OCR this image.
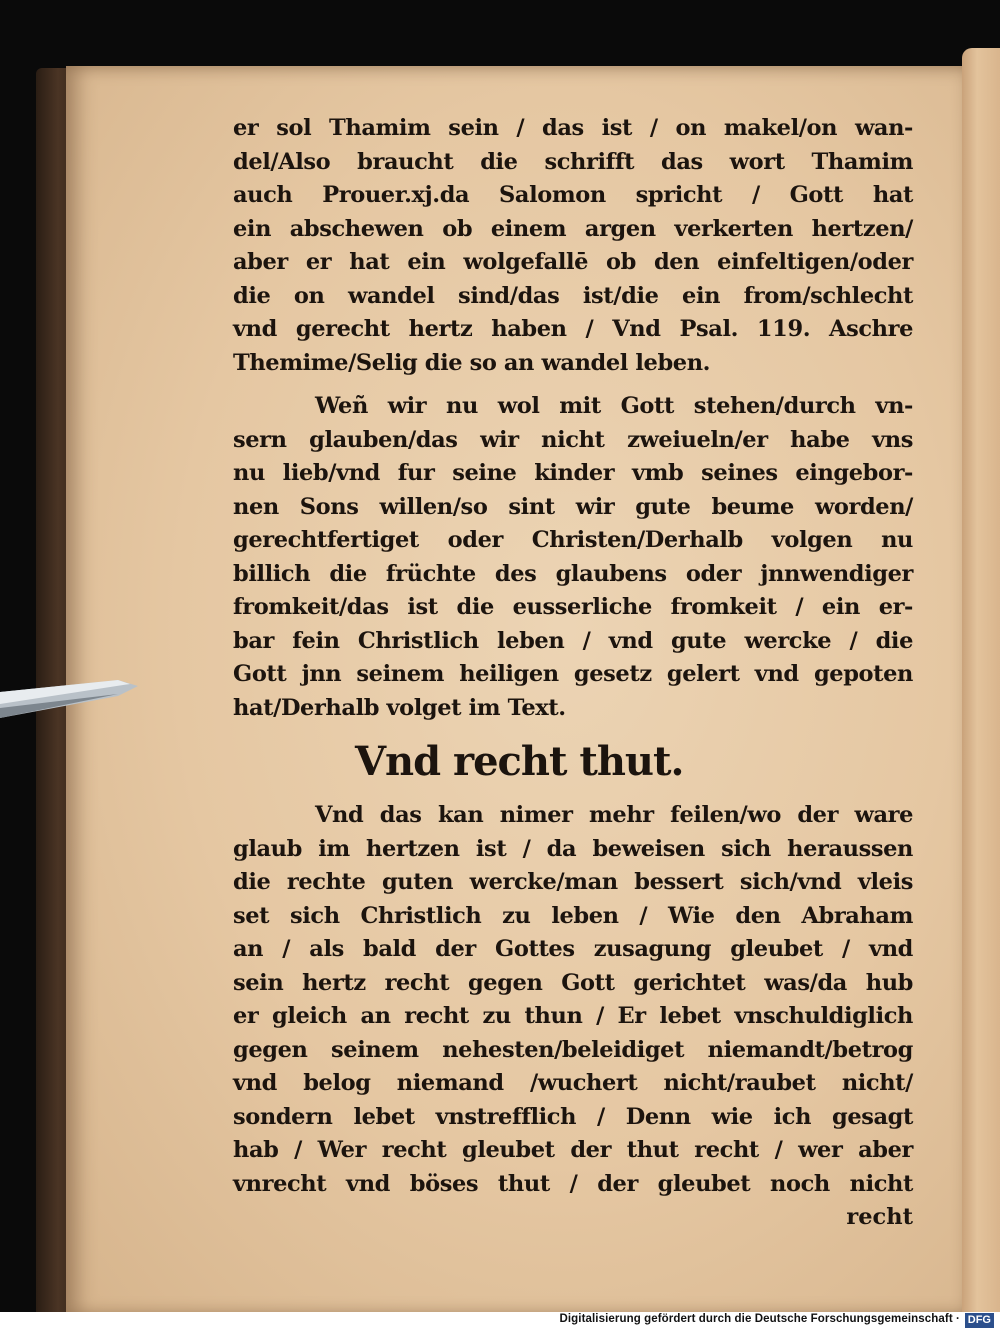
er sol Thamim sein / das ist / on makel/on wan-
del/Also braucht die schrifft das wort Thamim
auch Prouer.xj.da Salomon spricht / Gott hat
ein abschewen ob einem argen verkerten hertzen/
aber er hat ein wolgefallē ob den einfeltigen/oder
die on wandel sind/das ist/die ein from/schlecht
vnd gerecht hertz haben / Vnd Psal. 119. Aschre
Themime/Selig die so an wandel leben.
Weñ wir nu wol mit Gott stehen/durch vn-
sern glauben/das wir nicht zweiueln/er habe vns
nu lieb/vnd fur seine kinder vmb seines eingebor-
nen Sons willen/so sint wir gute beume worden/
gerechtfertiget oder Christen/Derhalb volgen nu
billich die früchte des glaubens oder jnnwendiger
fromkeit/das ist die eusserliche fromkeit / ein er-
bar fein Christlich leben / vnd gute wercke / die
Gott jnn seinem heiligen gesetz gelert vnd gepoten
hat/Derhalb volget im Text.
Vnd recht thut.
Vnd das kan nimer mehr feilen/wo der ware
glaub im hertzen ist / da beweisen sich heraussen
die rechte guten wercke/man bessert sich/vnd vleis
set sich Christlich zu leben / Wie den Abraham
an / als bald der Gottes zusagung gleubet / vnd
sein hertz recht gegen Gott gerichtet was/da hub
er gleich an recht zu thun / Er lebet vnschuldiglich
gegen seinem nehesten/beleidiget niemandt/betrog
vnd belog niemand /wuchert nicht/raubet nicht/
sondern lebet vnstrefflich / Denn wie ich gesagt
hab / Wer recht gleubet der thut recht / wer aber
vnrecht vnd böses thut / der gleubet noch nicht
recht
Digitalisierung gefördert durch die Deutsche Forschungsgemeinschaft · DFG
